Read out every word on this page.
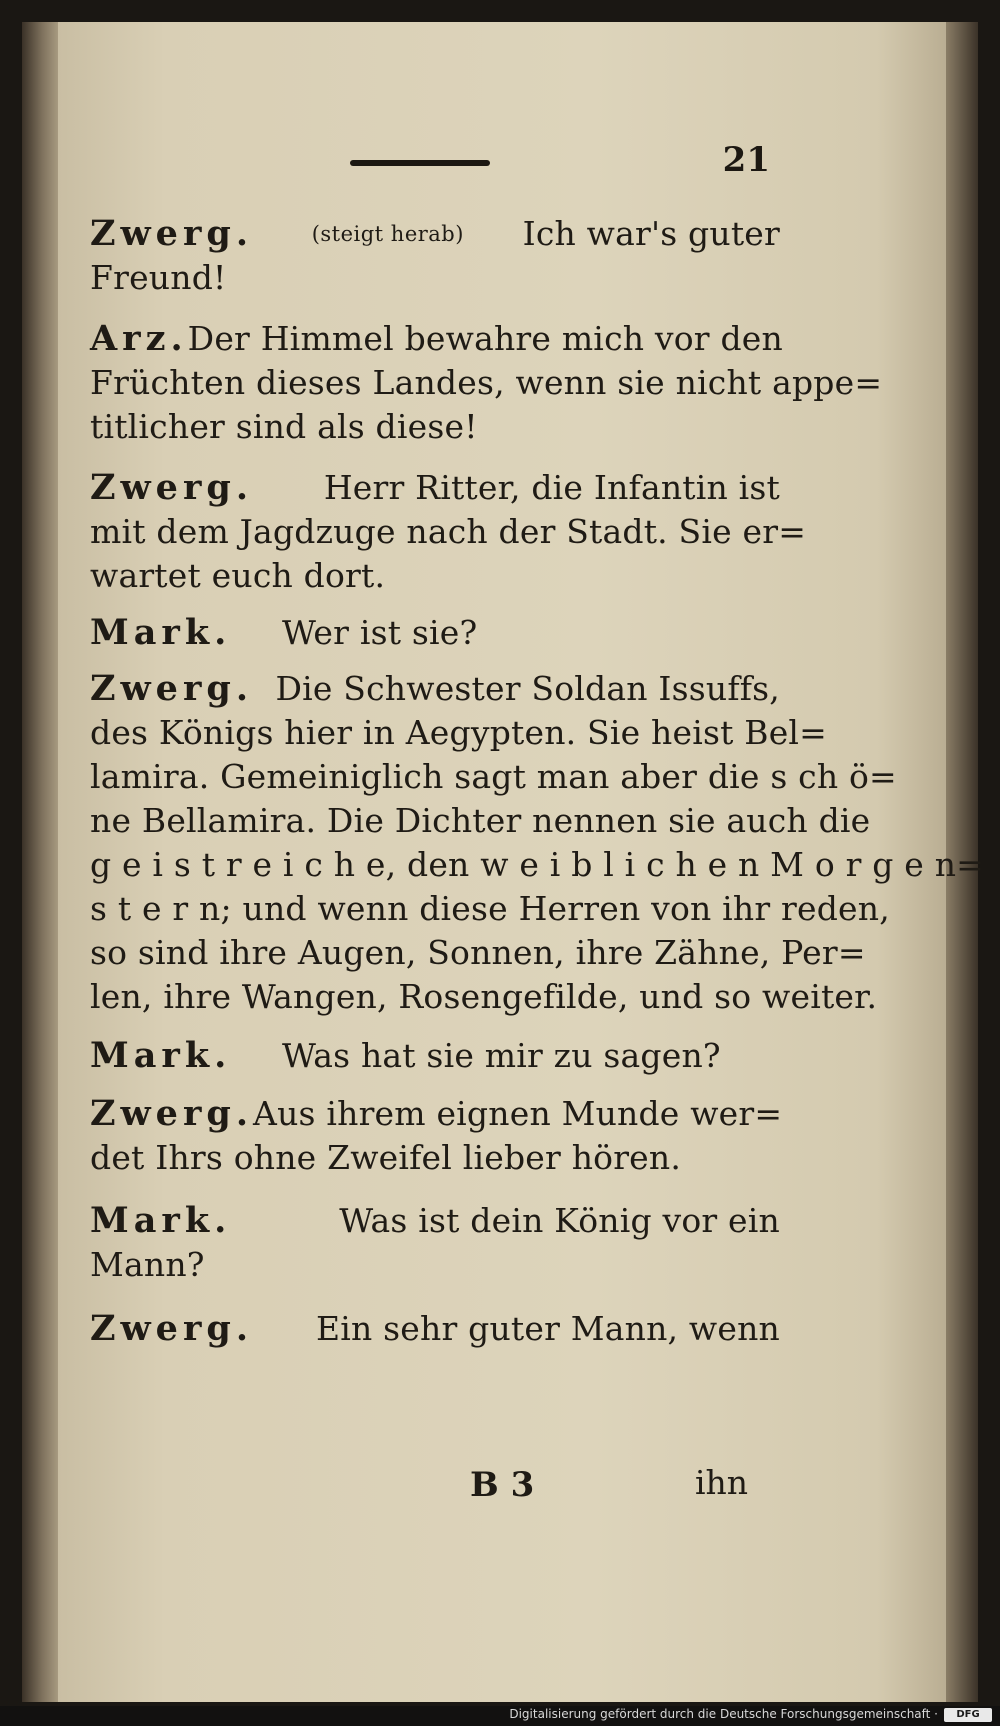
21
Zwerg.	(steigt herab) Ich war's guter
Freund!
Arz. Der Himmel bewahre mich vor den
Früchten dieses Landes, wenn sie nicht appe=
titlicher sind als diese!
Zwerg. Herr Ritter, die Infantin ist
mit dem Jagdzuge nach der Stadt. Sie er=
wartet euch dort.
Mark. Wer ist sie?
Zwerg. Die Schwester Soldan Issuffs,
des Königs hier in Aegypten. Sie heist Bel=
lamira. Gemeiniglich sagt man aber die s ch ö=
ne Bellamira. Die Dichter nennen sie auch die
g e i s t r e i c h e, den w e i b l i c h e n M o r g e n=
s t e r n; und wenn diese Herren von ihr reden,
so sind ihre Augen, Sonnen, ihre Zähne, Per=
len, ihre Wangen, Rosengefilde, und so weiter.
Mark. Was hat sie mir zu sagen?
Zwerg. Aus ihrem eignen Munde wer=
det Ihrs ohne Zweifel lieber hören.
Mark.	Was ist dein König vor ein
Mann?
Zwerg. Ein sehr guter Mann, wenn
B 3	ihn
Digitalisierung gefördert durch die Deutsche Forschungsgemeinschaft ·	DFG
